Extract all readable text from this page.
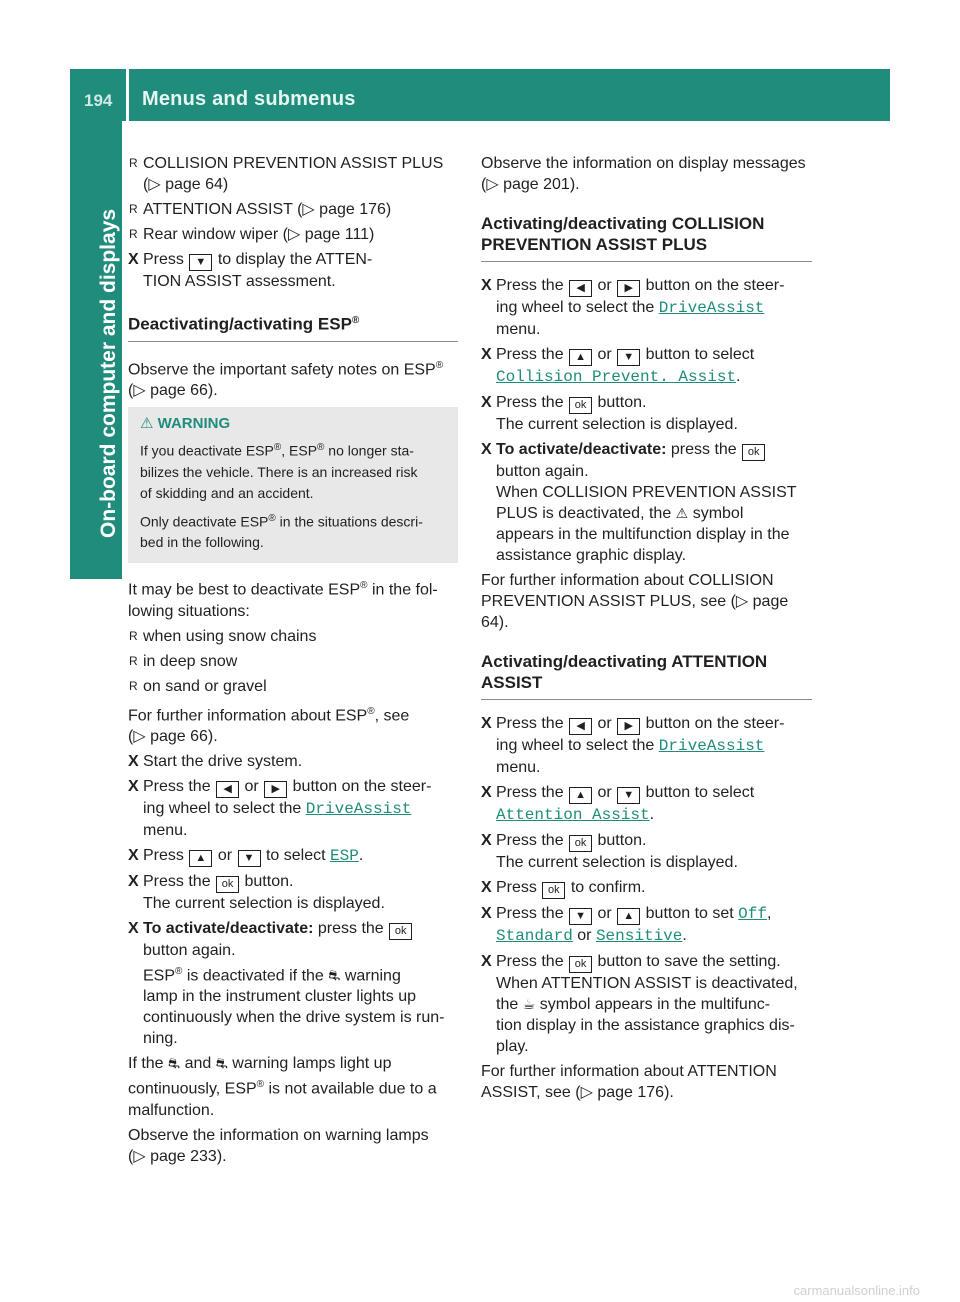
194 Menus and submenus
On-board computer and displays
R COLLISION PREVENTION ASSIST PLUS
(▷ page 64)
R ATTENTION ASSIST (▷ page 176)
R Rear window wiper (▷ page 111)
X Press ▼ to display the ATTEN-
TION ASSIST assessment.
Deactivating/activating ESP®

Observe the important safety notes on ESP®
(▷ page 66).

⚠ WARNING

If you deactivate ESP®, ESP® no longer sta-
bilizes the vehicle. There is an increased risk
of skidding and an accident.

Only deactivate ESP® in the situations descri-
bed in the following.

It may be best to deactivate ESP® in the fol-
lowing situations:

R when using snow chains
R in deep snow
R on sand or gravel

For further information about ESP®, see
(▷ page 66).

X Start the drive system.
X Press the ◀ or ▶ button on the steer-
ing wheel to select the DriveAssist menu.
X Press ▲ or ▼ to select ESP.
X Press the ok button.
The current selection is displayed.
X To activate/deactivate: press the ok
button again.
ESP® is deactivated if the ⛐ warning
lamp in the instrument cluster lights up
continuously when the drive system is run-
ning.

If the ⛐ and ⛐ warning lamps light up
continuously, ESP® is not available due to a
malfunction.

Observe the information on warning lamps
(▷ page 233).

Observe the information on display messages
(▷ page 201).

Activating/deactivating COLLISION
PREVENTION ASSIST PLUS
X Press the ◀ or ▶ button on the steer-
ing wheel to select the DriveAssist menu.
X Press the ▲ or ▼ button to select
Collision Prevent. Assist.
X Press the ok button.
The current selection is displayed.
X To activate/deactivate: press the ok
button again.
When COLLISION PREVENTION ASSIST
PLUS is deactivated, the ⚠ symbol
appears in the multifunction display in the
assistance graphic display.

For further information about COLLISION
PREVENTION ASSIST PLUS, see (▷ page 64).

Activating/deactivating ATTENTION
ASSIST
X Press the ◀ or ▶ button on the steer-
ing wheel to select the DriveAssist menu.
X Press the ▲ or ▼ button to select
Attention Assist.
X Press the ok button.
The current selection is displayed.
X Press ok to confirm.
X Press the ▼ or ▲ button to set Off,
Standard or Sensitive.
X Press the ok button to save the setting.
When ATTENTION ASSIST is deactivated,
the ☕ symbol appears in the multifunc-
tion display in the assistance graphics dis-
play.

For further information about ATTENTION
ASSIST, see (▷ page 176).

carmanualsonline.info
